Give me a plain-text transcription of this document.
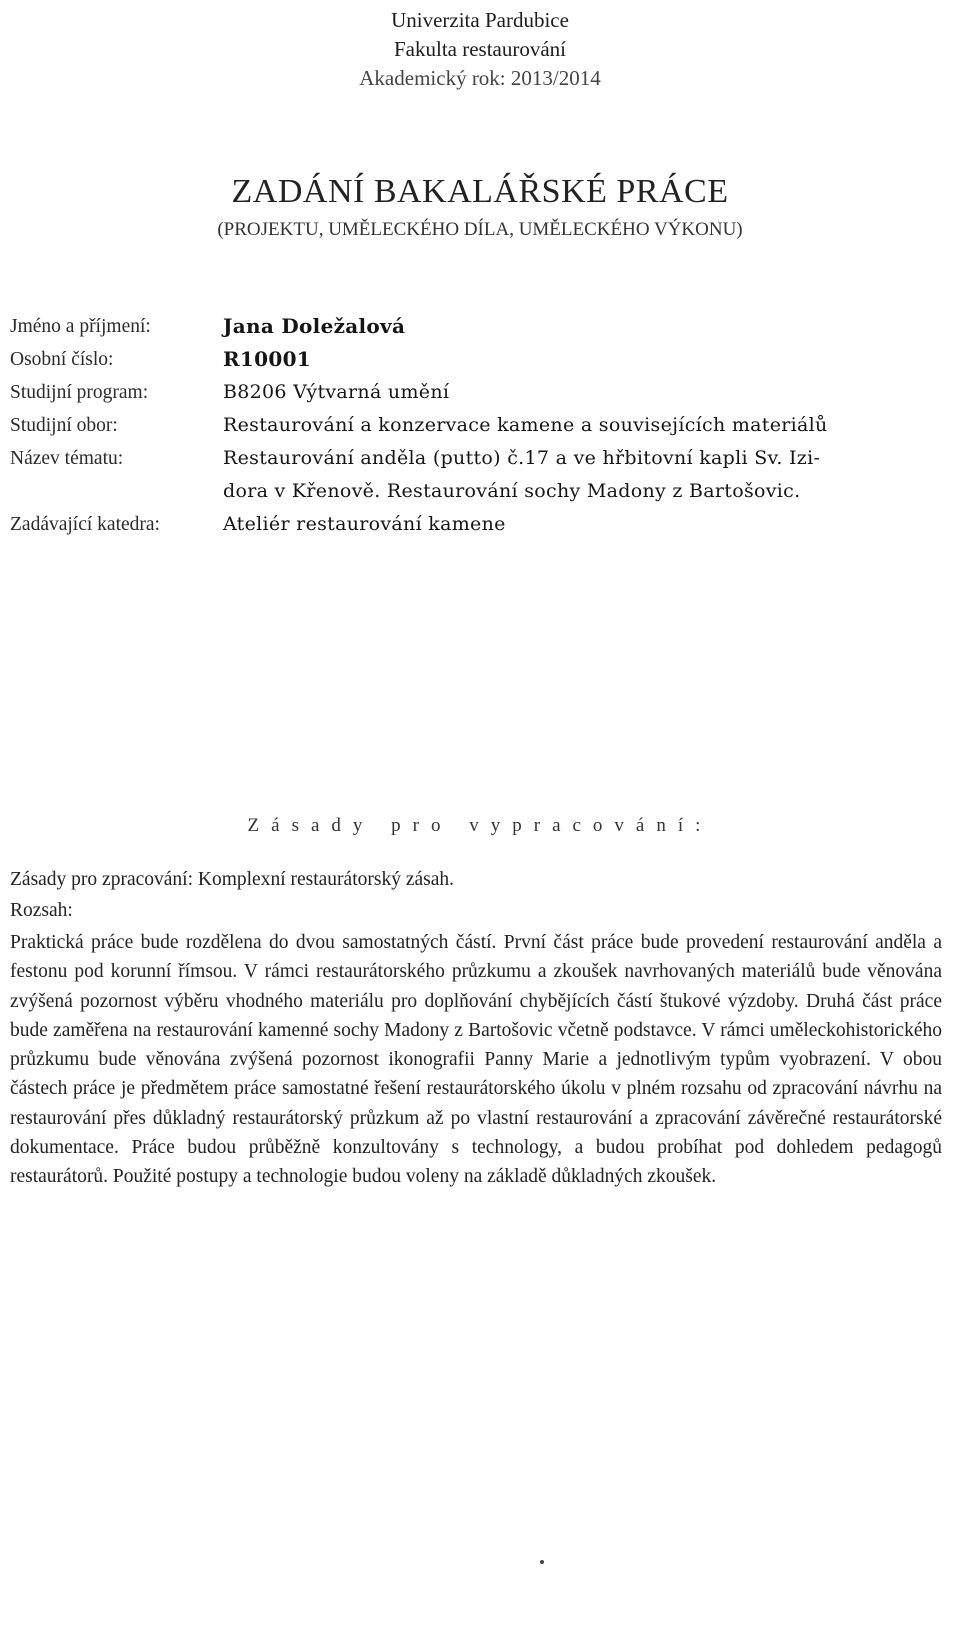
Univerzita Pardubice
Fakulta restaurování
Akademický rok: 2013/2014
ZADÁNÍ BAKALÁŘSKÉ PRÁCE
(PROJEKTU, UMĚLECKÉHO DÍLA, UMĚLECKÉHO VÝKONU)
Jméno a příjmení:	Jana Doležalová
Osobní číslo:	R10001
Studijní program:	B8206 Výtvarná umění
Studijní obor:	Restaurování a konzervace kamene a souvisejících materiálů
Název tématu:	Restaurování anděla (putto) č.17 a ve hřbitovní kapli Sv. Izi-
dora v Křenově. Restaurování sochy Madony z Bartošovic.
Zadávající katedra:	Ateliér restaurování kamene
Zásady pro vypracování:
Zásady pro zpracování: Komplexní restaurátorský zásah.
Rozsah:
Praktická práce bude rozdělena do dvou samostatných částí. První část práce bude provedení restaurování anděla a festonu pod korunní římsou. V rámci restaurátorského průzkumu a zkoušek navrhovaných materiálů bude věnována zvýšená pozornost výběru vhodného materiálu pro doplňování chybějících částí štukové výzdoby. Druhá část práce bude zaměřena na restaurování kamenné sochy Madony z Bartošovic včetně podstavce. V rámci uměleckohistorického průzkumu bude věnována zvýšená pozornost ikonografii Panny Marie a jednotlivým typům vyobrazení. V obou částech práce je předmětem práce samostatné řešení restaurátorského úkolu v plném rozsahu od zpracování návrhu na restaurování přes důkladný restaurátorský průzkum až po vlastní restaurování a zpracování závěrečné restaurátorské dokumentace. Práce budou průběžně konzultovány s technology, a budou probíhat pod dohledem pedagogů restaurátorů. Použité postupy a technologie budou voleny na základě důkladných zkoušek.
